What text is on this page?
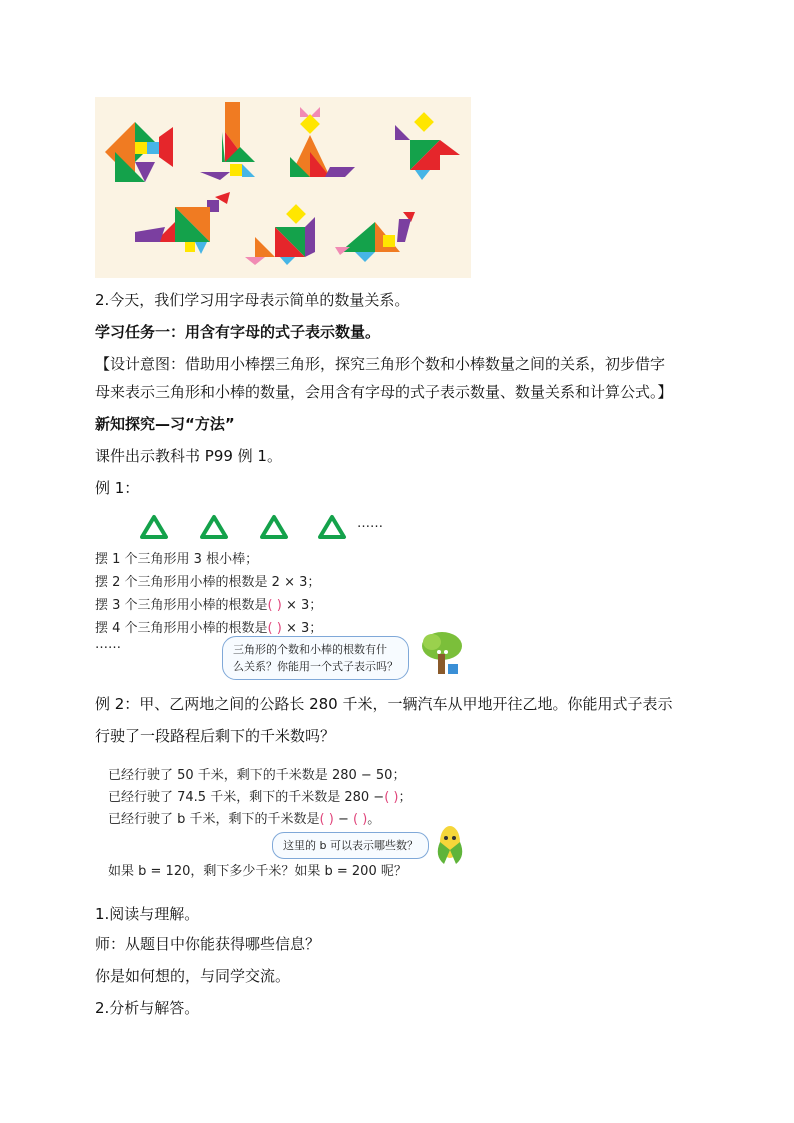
2.今天，我们学习用字母表示简单的数量关系。
学习任务一：用含有字母的式子表示数量。
【设计意图：借助用小棒摆三角形，探究三角形个数和小棒数量之间的关系，初步借字
母来表示三角形和小棒的数量，会用含有字母的式子表示数量、数量关系和计算公式。】
新知探究—习“方法”
课件出示教科书 P99 例 1。
例 1：
……
摆 1 个三角形用 3 根小棒；
摆 2 个三角形用小棒的根数是 2 × 3；
摆 3 个三角形用小棒的根数是( ) × 3；
摆 4 个三角形用小棒的根数是( ) × 3；
……	三角形的个数和小棒的根数有什
么关系？你能用一个式子表示吗？
例 2：甲、乙两地之间的公路长 280 千米，一辆汽车从甲地开往乙地。你能用式子表示
行驶了一段路程后剩下的千米数吗？
已经行驶了 50 千米，剩下的千米数是 280 − 50；
已经行驶了 74.5 千米，剩下的千米数是 280 −( )；
已经行驶了 b 千米，剩下的千米数是( ) − ( )。
这里的 b 可以表示哪些数？
如果 b = 120，剩下多少千米？如果 b = 200 呢？
1.阅读与理解。
师：从题目中你能获得哪些信息？
你是如何想的，与同学交流。
2.分析与解答。
